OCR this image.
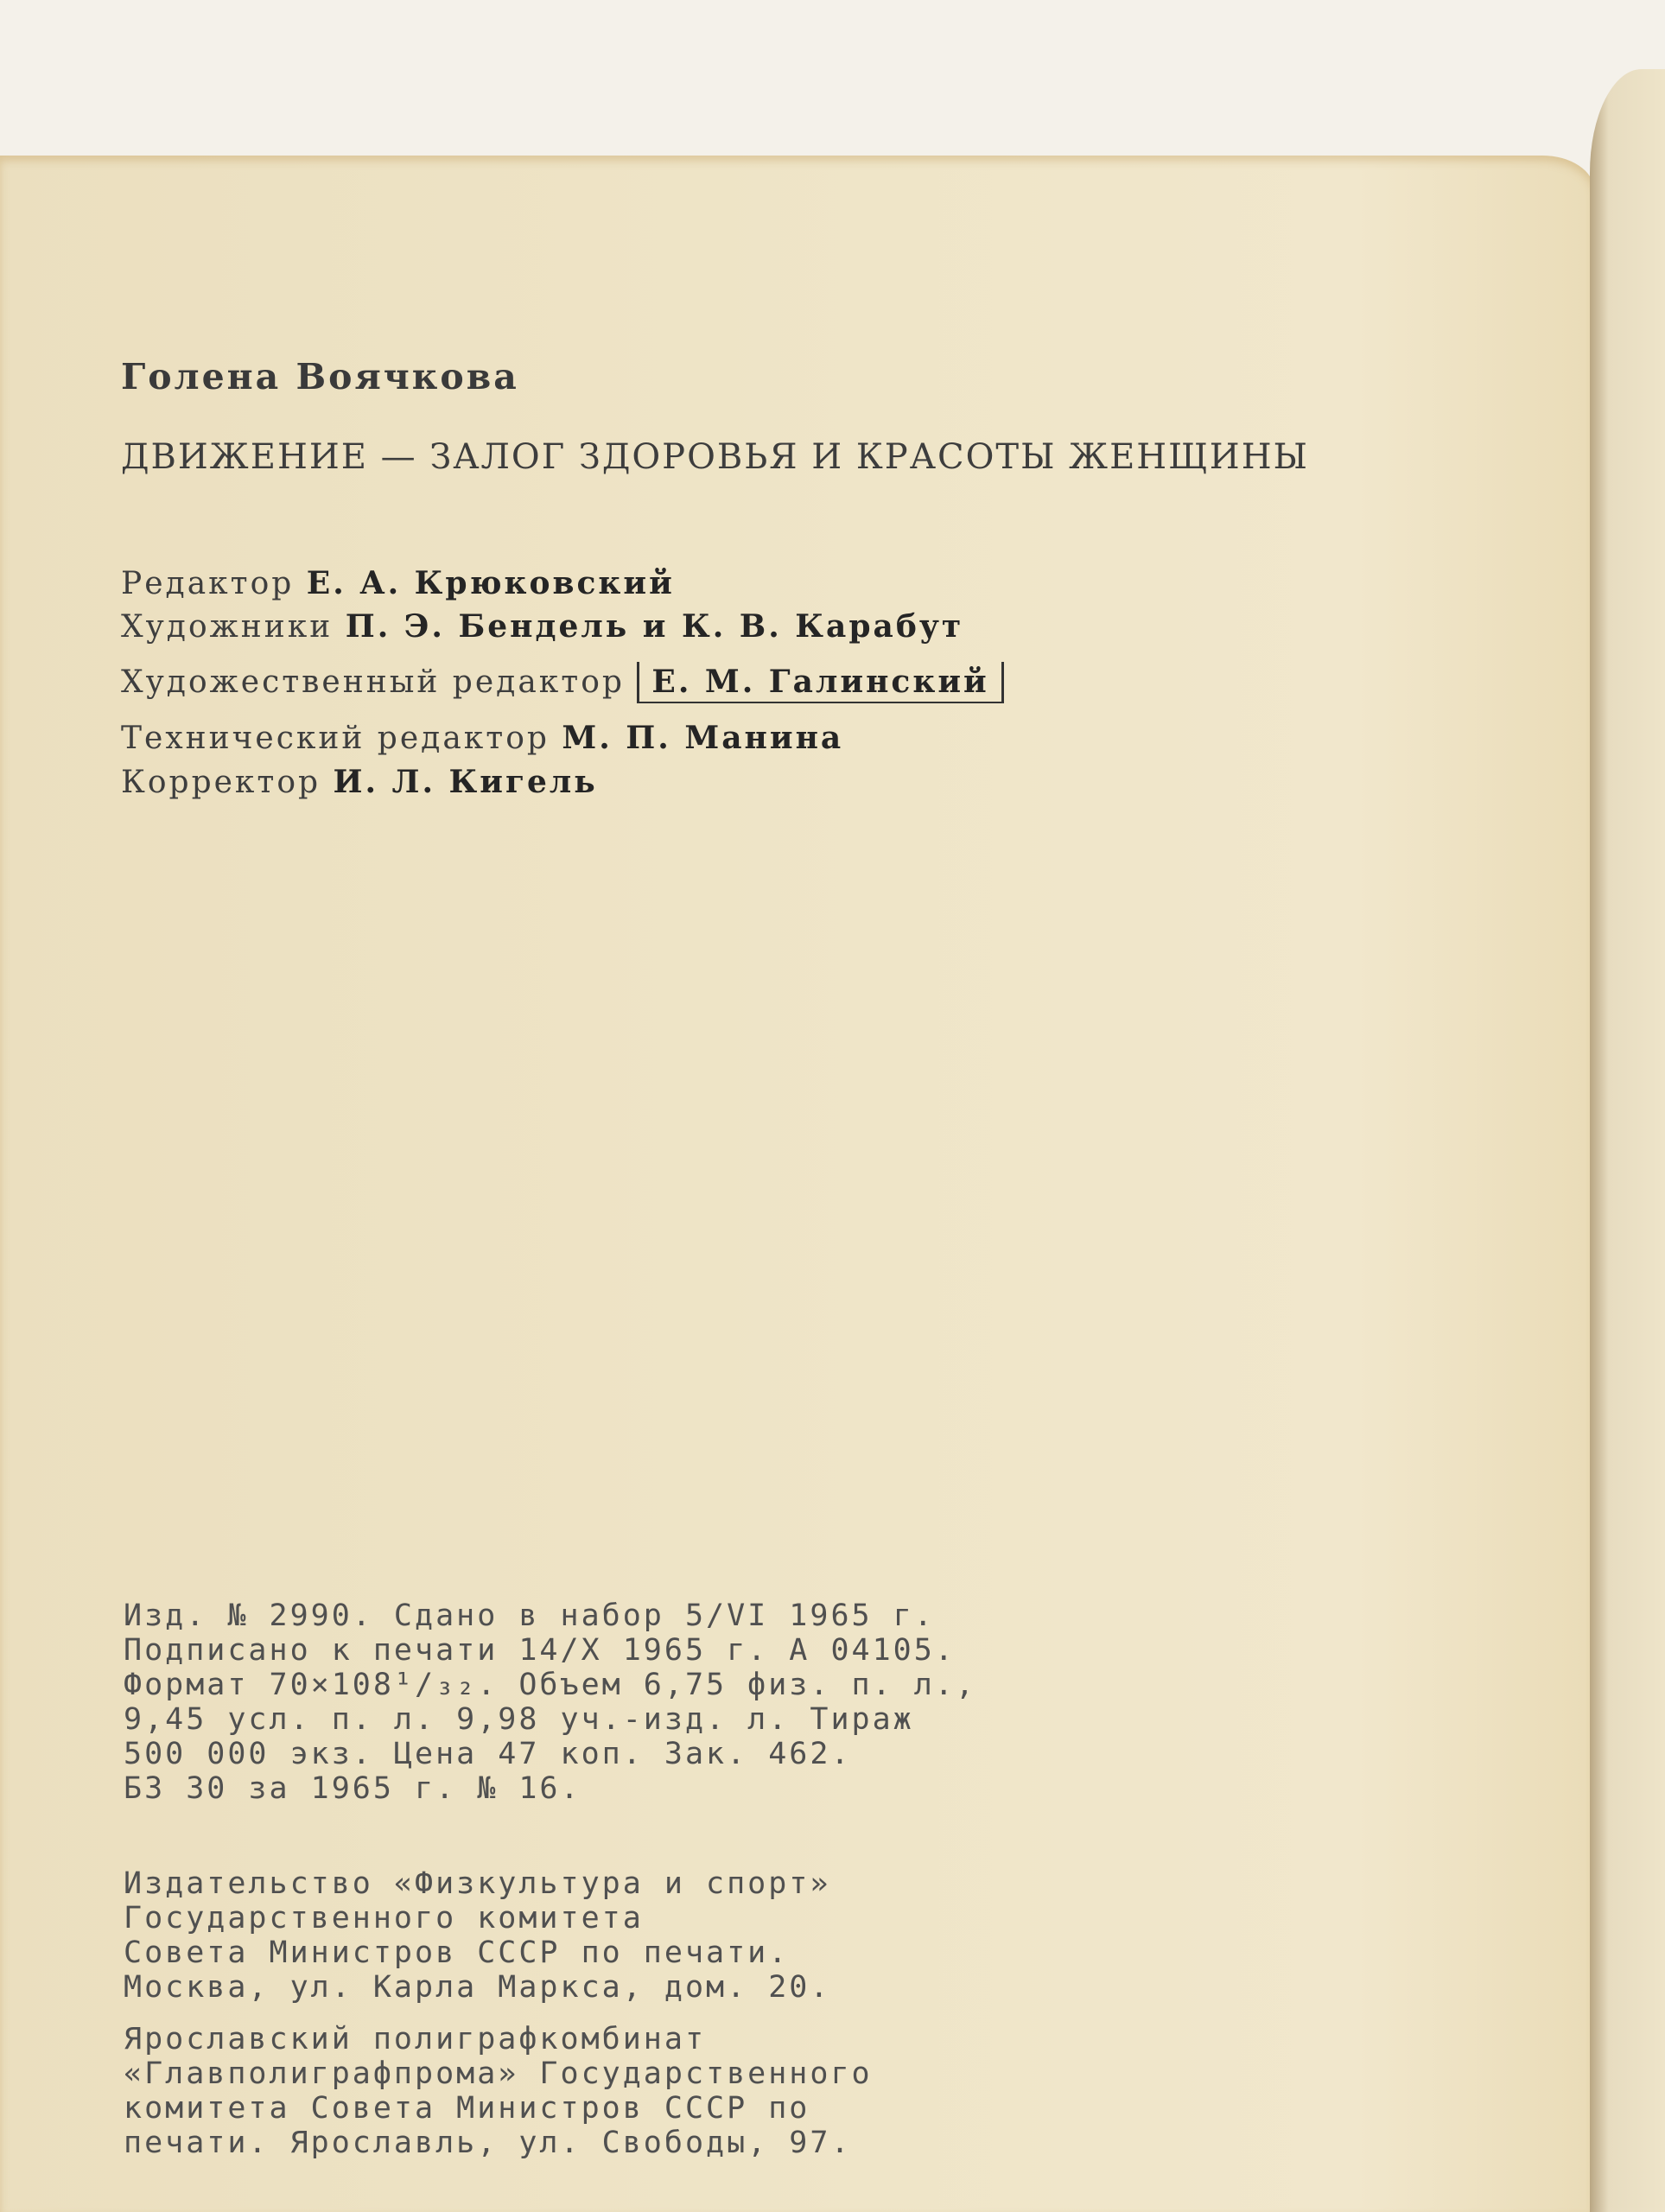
Голена Воячкова
ДВИЖЕНИЕ — ЗАЛОГ ЗДОРОВЬЯ И КРАСОТЫ ЖЕНЩИНЫ
Редактор Е. А. Крюковский
Художники П. Э. Бендель и К. В. Карабут
Художественный редактор Е. М. Галинский
Технический редактор М. П. Манина
Корректор И. Л. Кигель
Изд. № 2990. Сдано в набор 5/VI 1965 г.
Подписано к печати 14/X 1965 г. А 04105.
Формат 70×108¹/₃₂. Объем 6,75 физ. п. л.,
9,45 усл. п. л. 9,98 уч.-изд. л. Тираж
500 000 экз. Цена 47 коп. Зак. 462.
БЗ 30 за 1965 г. № 16.
Издательство «Физкультура и спорт»
Государственного комитета
Совета Министров СССР по печати.
Москва, ул. Карла Маркса, дом. 20.
Ярославский полиграфкомбинат
«Главполиграфпрома» Государственного
комитета Совета Министров СССР по
печати. Ярославль, ул. Свободы, 97.
